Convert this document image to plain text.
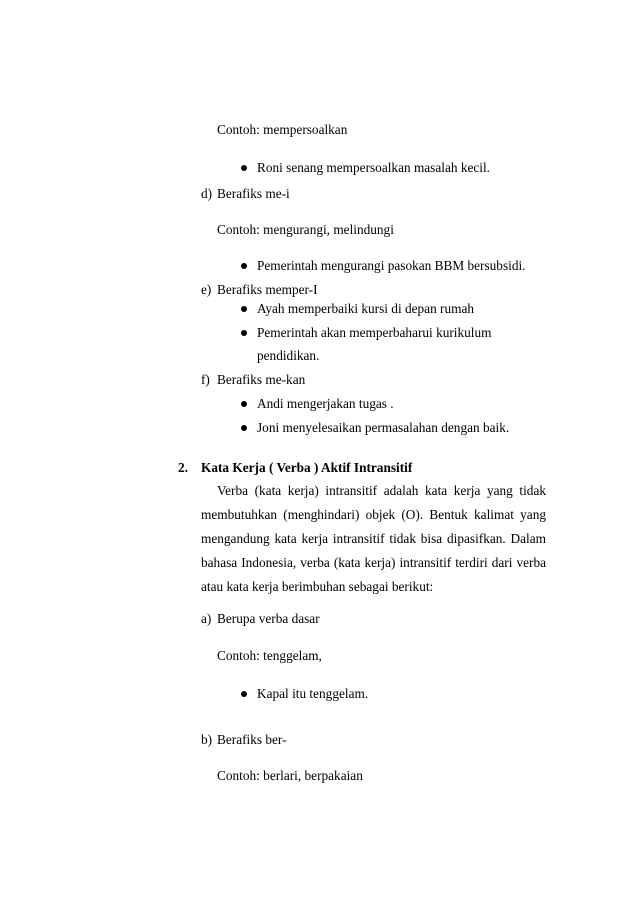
Contoh: mempersoalkan
Roni senang mempersoalkan masalah kecil.
d) Berafiks me-i
Contoh: mengurangi, melindungi
Pemerintah mengurangi pasokan BBM bersubsidi.
e) Berafiks memper-I
Ayah memperbaiki kursi di depan rumah
Pemerintah akan memperbaharui kurikulum
pendidikan.
f) Berafiks me-kan
Andi mengerjakan tugas .
Joni menyelesaikan permasalahan dengan baik.
2. Kata Kerja ( Verba ) Aktif Intransitif
Verba (kata kerja) intransitif adalah kata kerja yang tidak
membutuhkan (menghindari) objek (O). Bentuk kalimat yang
mengandung kata kerja intransitif tidak bisa dipasifkan. Dalam
bahasa Indonesia, verba (kata kerja) intransitif terdiri dari verba
atau kata kerja berimbuhan sebagai berikut:
a) Berupa verba dasar
Contoh: tenggelam,
Kapal itu tenggelam.
b) Berafiks ber-
Contoh: berlari, berpakaian
